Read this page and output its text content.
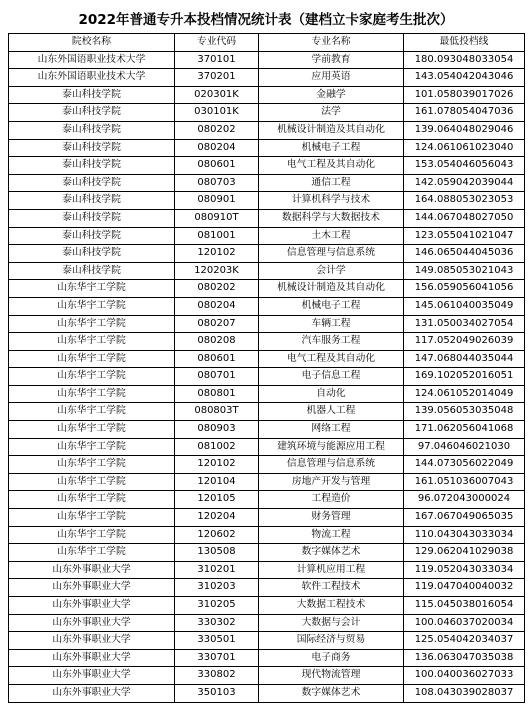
2022年普通专升本投档情况统计表（建档立卡家庭考生批次）
院校名称	专业代码	专业名称	最低投档线
山东外国语职业技术大学	370101	学前教育	180.093048033054
山东外国语职业技术大学	370201	应用英语	143.054042043046
泰山科技学院	020301K	金融学	101.058039017026
泰山科技学院	030101K	法学	161.078054047036
泰山科技学院	080202	机械设计制造及其自动化	139.064048029046
泰山科技学院	080204	机械电子工程	124.061061023040
泰山科技学院	080601	电气工程及其自动化	153.054046056043
泰山科技学院	080703	通信工程	142.059042039044
泰山科技学院	080901	计算机科学与技术	164.088053023053
泰山科技学院	080910T	数据科学与大数据技术	144.067048027050
泰山科技学院	081001	土木工程	123.055041021047
泰山科技学院	120102	信息管理与信息系统	146.065044045036
泰山科技学院	120203K	会计学	149.085053021043
山东华宇工学院	080202	机械设计制造及其自动化	156.059056041056
山东华宇工学院	080204	机械电子工程	145.061040035049
山东华宇工学院	080207	车辆工程	131.050034027054
山东华宇工学院	080208	汽车服务工程	117.052049026039
山东华宇工学院	080601	电气工程及其自动化	147.068044035044
山东华宇工学院	080701	电子信息工程	169.102052016051
山东华宇工学院	080801	自动化	124.061052014049
山东华宇工学院	080803T	机器人工程	139.056053035048
山东华宇工学院	080903	网络工程	171.062056041068
山东华宇工学院	081002	建筑环境与能源应用工程	97.046046021030
山东华宇工学院	120102	信息管理与信息系统	144.073056022049
山东华宇工学院	120104	房地产开发与管理	161.051036007043
山东华宇工学院	120105	工程造价	96.072043000024
山东华宇工学院	120204	财务管理	167.067049065035
山东华宇工学院	120602	物流工程	110.043043033034
山东华宇工学院	130508	数字媒体艺术	129.062041029038
山东外事职业大学	310201	计算机应用工程	119.052043033034
山东外事职业大学	310203	软件工程技术	119.047040040032
山东外事职业大学	310205	大数据工程技术	115.045038016054
山东外事职业大学	330302	大数据与会计	100.046037020034
山东外事职业大学	330501	国际经济与贸易	125.054042034037
山东外事职业大学	330701	电子商务	136.063047035038
山东外事职业大学	330802	现代物流管理	100.040036027033
山东外事职业大学	350103	数字媒体艺术	108.043039028037
